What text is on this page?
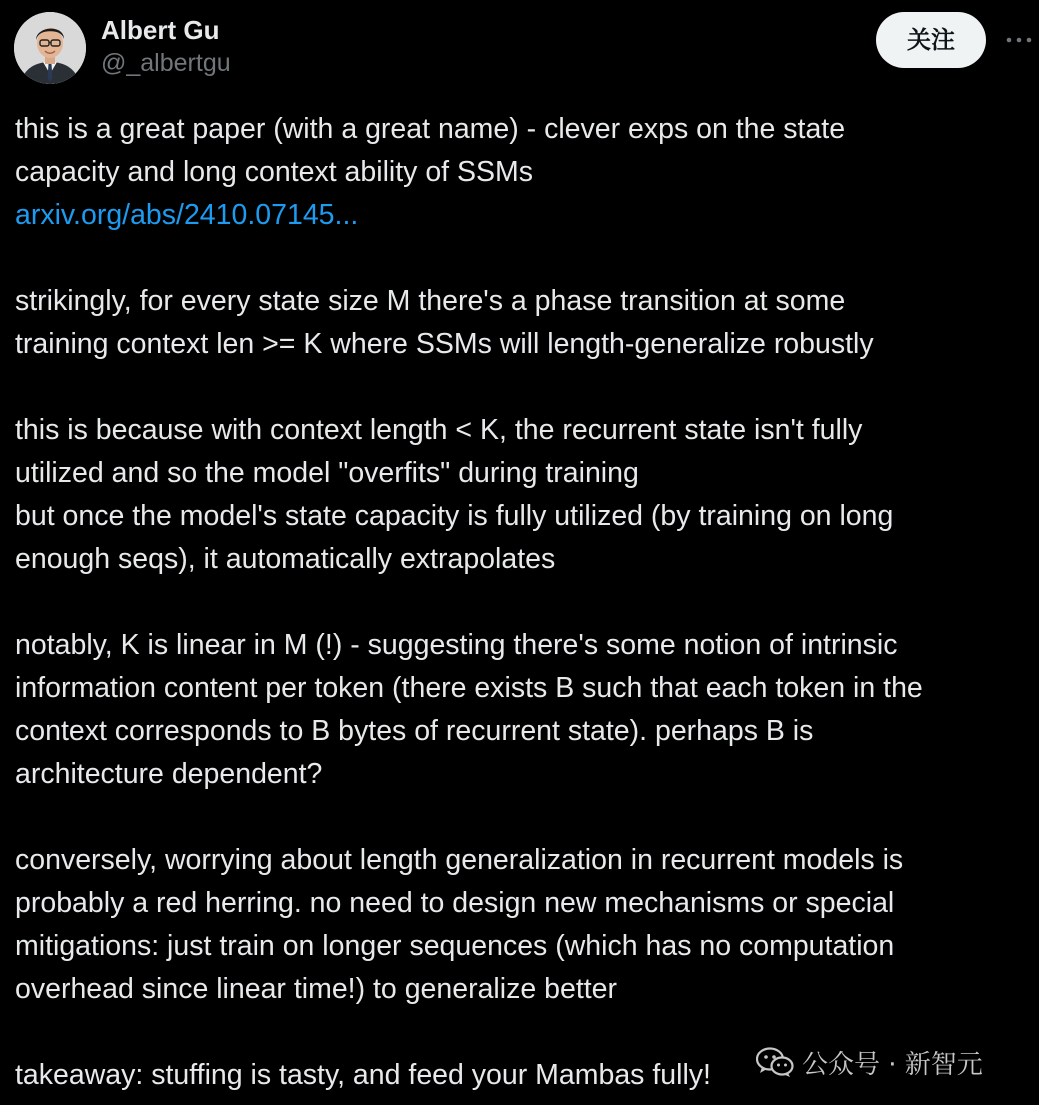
Albert Gu
@_albertgu
关注
this is a great paper (with a great name) - clever exps on the state
capacity and long context ability of SSMs
arxiv.org/abs/2410.07145...
strikingly, for every state size M there's a phase transition at some
training context len >= K where SSMs will length-generalize robustly
this is because with context length < K, the recurrent state isn't fully
utilized and so the model "overfits" during training
but once the model's state capacity is fully utilized (by training on long
enough seqs), it automatically extrapolates
notably, K is linear in M (!) - suggesting there's some notion of intrinsic
information content per token (there exists B such that each token in the
context corresponds to B bytes of recurrent state). perhaps B is
architecture dependent?
conversely, worrying about length generalization in recurrent models is
probably a red herring. no need to design new mechanisms or special
mitigations: just train on longer sequences (which has no computation
overhead since linear time!) to generalize better
takeaway: stuffing is tasty, and feed your Mambas fully!	公众号 · 新智元
